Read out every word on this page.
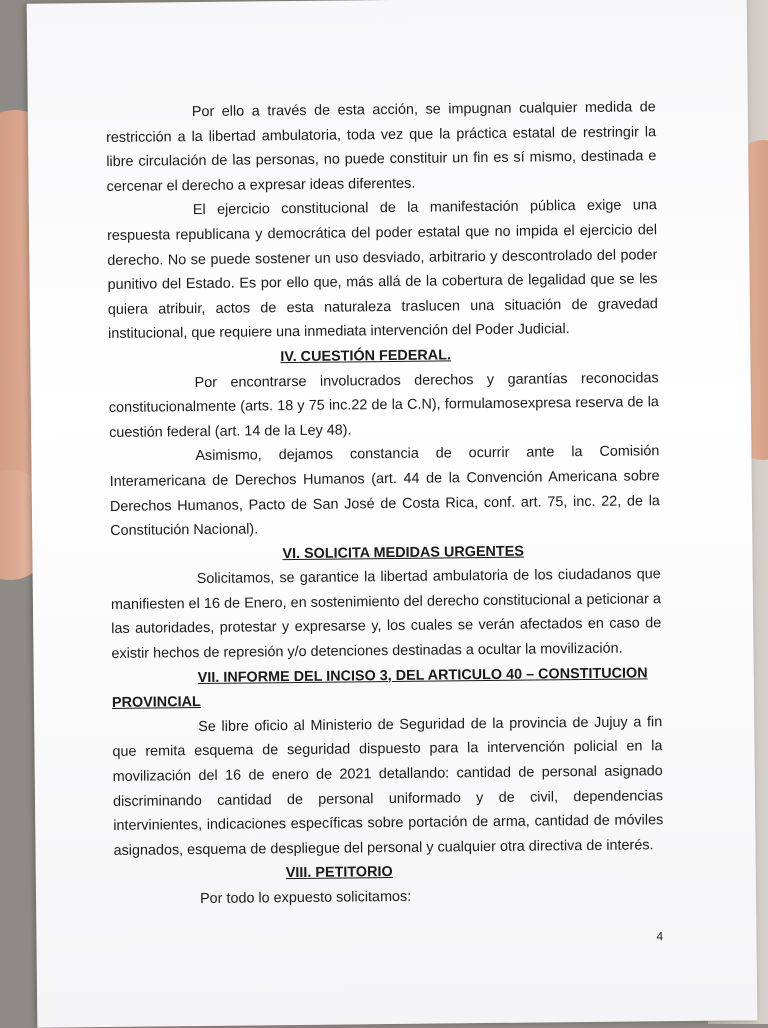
Por ello a través de esta acción, se impugnan cualquier medida de restricción a la libertad ambulatoria, toda vez que la práctica estatal de restringir la libre circulación de las personas, no puede constituir un fin es sí mismo, destinada e cercenar el derecho a expresar ideas diferentes.

El ejercicio constitucional de la manifestación pública exige una respuesta republicana y democrática del poder estatal que no impida el ejercicio del derecho. No se puede sostener un uso desviado, arbitrario y descontrolado del poder punitivo del Estado. Es por ello que, más allá de la cobertura de legalidad que se les quiera atribuir, actos de esta naturaleza traslucen una situación de gravedad institucional, que requiere una inmediata intervención del Poder Judicial.

IV. CUESTIÓN FEDERAL.

Por encontrarse involucrados derechos y garantías reconocidas constitucionalmente (arts. 18 y 75 inc.22 de la C.N), formulamosexpresa reserva de la cuestión federal (art. 14 de la Ley 48).

Asimismo, dejamos constancia de ocurrir ante la Comisión Interamericana de Derechos Humanos (art. 44 de la Convención Americana sobre Derechos Humanos, Pacto de San José de Costa Rica, conf. art. 75, inc. 22, de la Constitución Nacional).

VI. SOLICITA MEDIDAS URGENTES

Solicitamos, se garantice la libertad ambulatoria de los ciudadanos que manifiesten el 16 de Enero, en sostenimiento del derecho constitucional a peticionar a las autoridades, protestar y expresarse y, los cuales se verán afectados en caso de existir hechos de represión y/o detenciones destinadas a ocultar la movilización.

VII. INFORME DEL INCISO 3, DEL ARTICULO 40 – CONSTITUCION

PROVINCIAL

Se libre oficio al Ministerio de Seguridad de la provincia de Jujuy a fin que remita esquema de seguridad dispuesto para la intervención policial en la movilización del 16 de enero de 2021 detallando: cantidad de personal asignado discriminando cantidad de personal uniformado y de civil, dependencias intervinientes, indicaciones específicas sobre portación de arma, cantidad de móviles asignados, esquema de despliegue del personal y cualquier otra directiva de interés.

VIII. PETITORIO

Por todo lo expuesto solicitamos:

4
